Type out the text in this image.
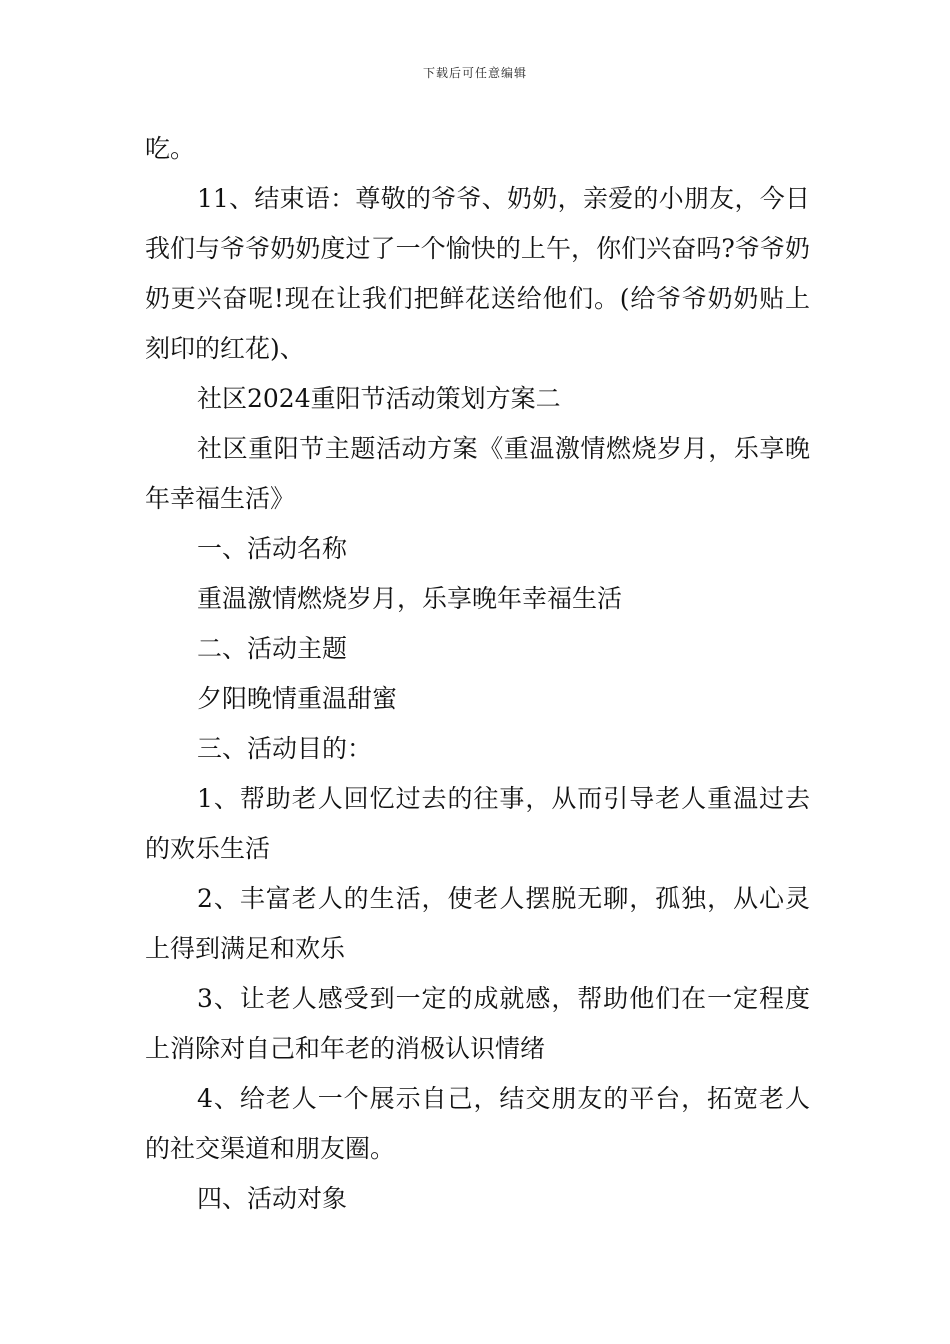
下载后可任意编辑

吃。

11、结束语：尊敬的爷爷、奶奶，亲爱的小朋友，今日我们与爷爷奶奶度过了一个愉快的上午，你们兴奋吗?爷爷奶奶更兴奋呢!现在让我们把鲜花送给他们。(给爷爷奶奶贴上刻印的红花)、

社区2024重阳节活动策划方案二

社区重阳节主题活动方案《重温激情燃烧岁月，乐享晚年幸福生活》

一、活动名称

重温激情燃烧岁月，乐享晚年幸福生活

二、活动主题

夕阳晚情重温甜蜜

三、活动目的：

1、帮助老人回忆过去的往事，从而引导老人重温过去的欢乐生活

2、丰富老人的生活，使老人摆脱无聊，孤独，从心灵上得到满足和欢乐

3、让老人感受到一定的成就感，帮助他们在一定程度上消除对自己和年老的消极认识情绪

4、给老人一个展示自己，结交朋友的平台，拓宽老人的社交渠道和朋友圈。

四、活动对象
